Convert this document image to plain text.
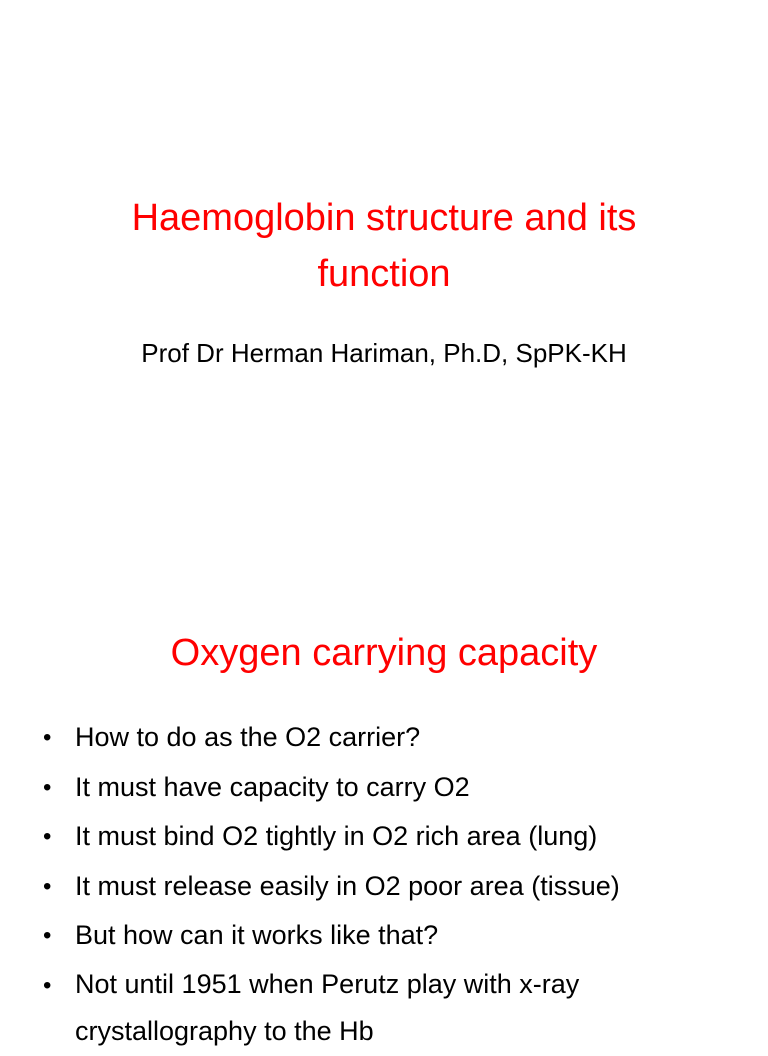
Haemoglobin structure and its function

Prof Dr Herman Hariman, Ph.D, SpPK-KH

Oxygen carrying capacity
• How to do as the O2 carrier?
• It must have capacity to carry O2
• It must bind O2 tightly in O2 rich area (lung)
• It must release easily in O2 poor area (tissue)
• But how can it works like that?
• Not until 1951 when Perutz play with x-ray crystallography to the Hb
